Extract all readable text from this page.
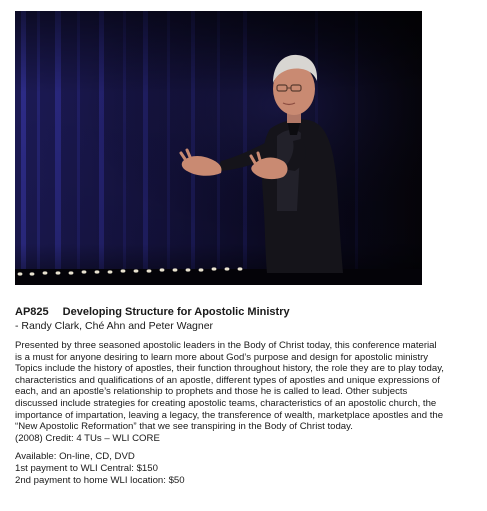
AP825 Developing Structure for Apostolic Ministry
- Randy Clark, Ché Ahn and Peter Wagner
Presented by three seasoned apostolic leaders in the Body of Christ today, this conference material is a must for anyone desiring to learn more about God’s purpose and design for apostolic ministry Topics include the history of apostles, their function throughout history, the role they are to play today, characteristics and qualifications of an apostle, different types of apostles and unique expressions of each, and an apostle’s relationship to prophets and those he is called to lead. Other subjects discussed include strategies for creating apostolic teams, characteristics of an apostolic church, the importance of impartation, leaving a legacy, the transference of wealth, marketplace apostles and the “New Apostolic Reformation” that we see transpiring in the Body of Christ today.
(2008) Credit: 4 TUs – WLI CORE
Available: On-line, CD, DVD
1st payment to WLI Central: $150
2nd payment to home WLI location: $50
